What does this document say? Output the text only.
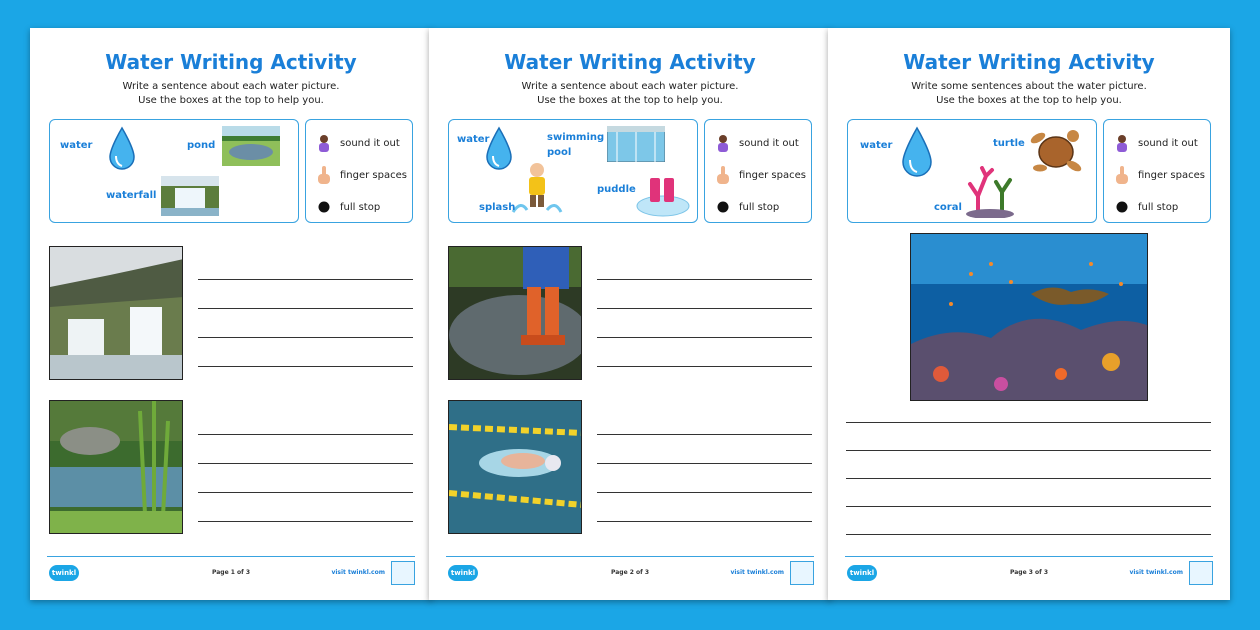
Water Writing Activity
Write a sentence about each water picture.
Use the boxes at the top to help you.
water	pond
waterfall
sound it out
finger spaces
full stop
twinkl	Page 1 of 3	visit twinkl.com
Water Writing Activity
Write a sentence about each water picture.
Use the boxes at the top to help you.
water	swimming
pool
splash
puddle
sound it out
finger spaces
full stop
twinkl	Page 2 of 3	visit twinkl.com
Water Writing Activity
Write some sentences about the water picture.
Use the boxes at the top to help you.
water	turtle
coral
sound it out
finger spaces
full stop
twinkl	Page 3 of 3	visit twinkl.com
